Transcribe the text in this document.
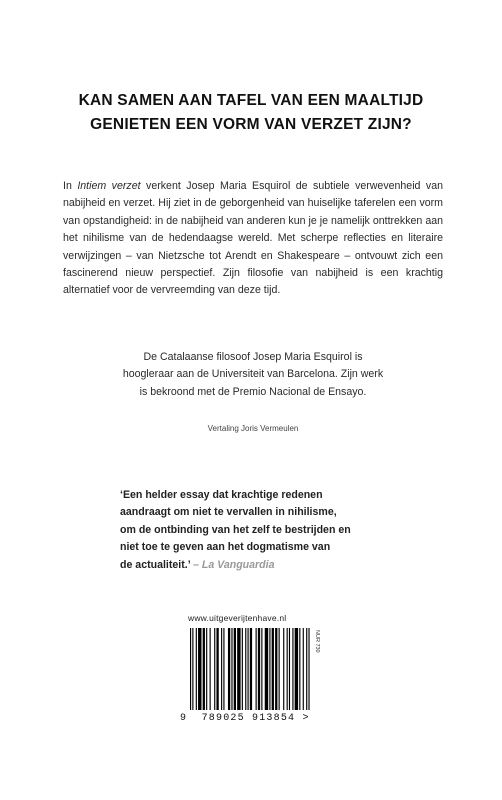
KAN SAMEN AAN TAFEL VAN EEN MAALTIJD
GENIETEN EEN VORM VAN VERZET ZIJN?
In Intiem verzet verkent Josep Maria Esquirol de subtiele verwevenheid van nabijheid en verzet. Hij ziet in de geborgenheid van huiselijke taferelen een vorm van opstandigheid: in de nabijheid van anderen kun je je namelijk onttrekken aan het nihilisme van de hedendaagse wereld. Met scherpe reflecties en literaire verwijzingen – van Nietzsche tot Arendt en Shakespeare – ontvouwt zich een fascinerend nieuw perspectief. Zijn filosofie van nabijheid is een krachtig alternatief voor de vervreemding van deze tijd.
De Catalaanse filosoof Josep Maria Esquirol is
hoogleraar aan de Universiteit van Barcelona. Zijn werk
is bekroond met de Premio Nacional de Ensayo.
Vertaling Joris Vermeulen
‘Een helder essay dat krachtige redenen
aandraagt om niet te vervallen in nihilisme,
om de ontbinding van het zelf te bestrijden en
niet toe te geven aan het dogmatisme van
de actualiteit.’ – La Vanguardia
www.uitgeverijtenhave.nl
NUR 730
9 789025 913854 >
